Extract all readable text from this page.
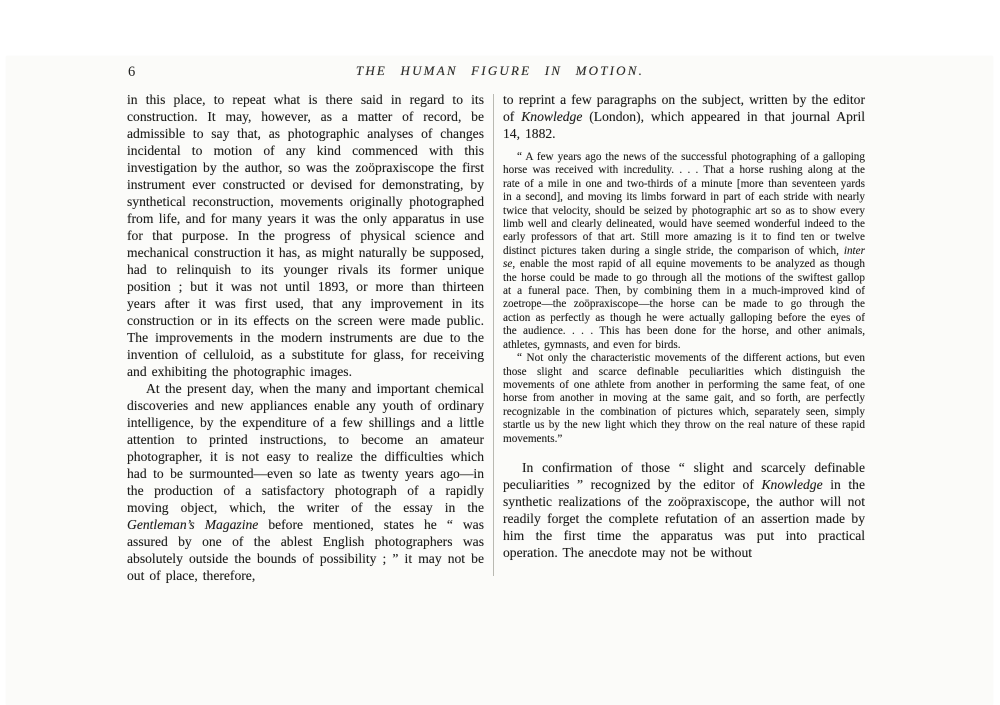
6	THE HUMAN FIGURE IN MOTION.

in this place, to repeat what is there said in regard to its construction. It may, however, as a matter of record, be admissible to say that, as photographic analyses of changes incidental to motion of any kind commenced with this investigation by the author, so was the zoöpraxiscope the first instrument ever constructed or devised for demonstrating, by synthetical reconstruction, movements originally photographed from life, and for many years it was the only apparatus in use for that purpose. In the progress of physical science and mechanical construction it has, as might naturally be supposed, had to relinquish to its younger rivals its former unique position ; but it was not until 1893, or more than thirteen years after it was first used, that any improvement in its construction or in its effects on the screen were made public. The improvements in the modern instruments are due to the invention of celluloid, as a substitute for glass, for receiving and exhibiting the photographic images.

At the present day, when the many and important chemical discoveries and new appliances enable any youth of ordinary intelligence, by the expenditure of a few shillings and a little attention to printed instructions, to become an amateur photographer, it is not easy to realize the difficulties which had to be surmounted—even so late as twenty years ago—in the production of a satisfactory photograph of a rapidly moving object, which, the writer of the essay in the Gentleman’s Magazine before mentioned, states he “ was assured by one of the ablest English photographers was absolutely outside the bounds of possibility ; ” it may not be out of place, therefore,

to reprint a few paragraphs on the subject, written by the editor of Knowledge (London), which appeared in that journal April 14, 1882.

“ A few years ago the news of the successful photographing of a galloping horse was received with incredulity. . . . That a horse rushing along at the rate of a mile in one and two-thirds of a minute [more than seventeen yards in a second], and moving its limbs forward in part of each stride with nearly twice that velocity, should be seized by photographic art so as to show every limb well and clearly delineated, would have seemed wonderful indeed to the early professors of that art. Still more amazing is it to find ten or twelve distinct pictures taken during a single stride, the comparison of which, inter se, enable the most rapid of all equine movements to be analyzed as though the horse could be made to go through all the motions of the swiftest gallop at a funeral pace. Then, by combining them in a much-improved kind of zoetrope—the zoöpraxiscope—the horse can be made to go through the action as perfectly as though he were actually galloping before the eyes of the audience. . . . This has been done for the horse, and other animals, athletes, gymnasts, and even for birds.

“ Not only the characteristic movements of the different actions, but even those slight and scarce definable peculiarities which distinguish the movements of one athlete from another in performing the same feat, of one horse from another in moving at the same gait, and so forth, are perfectly recognizable in the combination of pictures which, separately seen, simply startle us by the new light which they throw on the real nature of these rapid movements.”

In confirmation of those “ slight and scarcely definable peculiarities ” recognized by the editor of Knowledge in the synthetic realizations of the zoöpraxiscope, the author will not readily forget the complete refutation of an assertion made by him the first time the apparatus was put into practical operation. The anecdote may not be without
